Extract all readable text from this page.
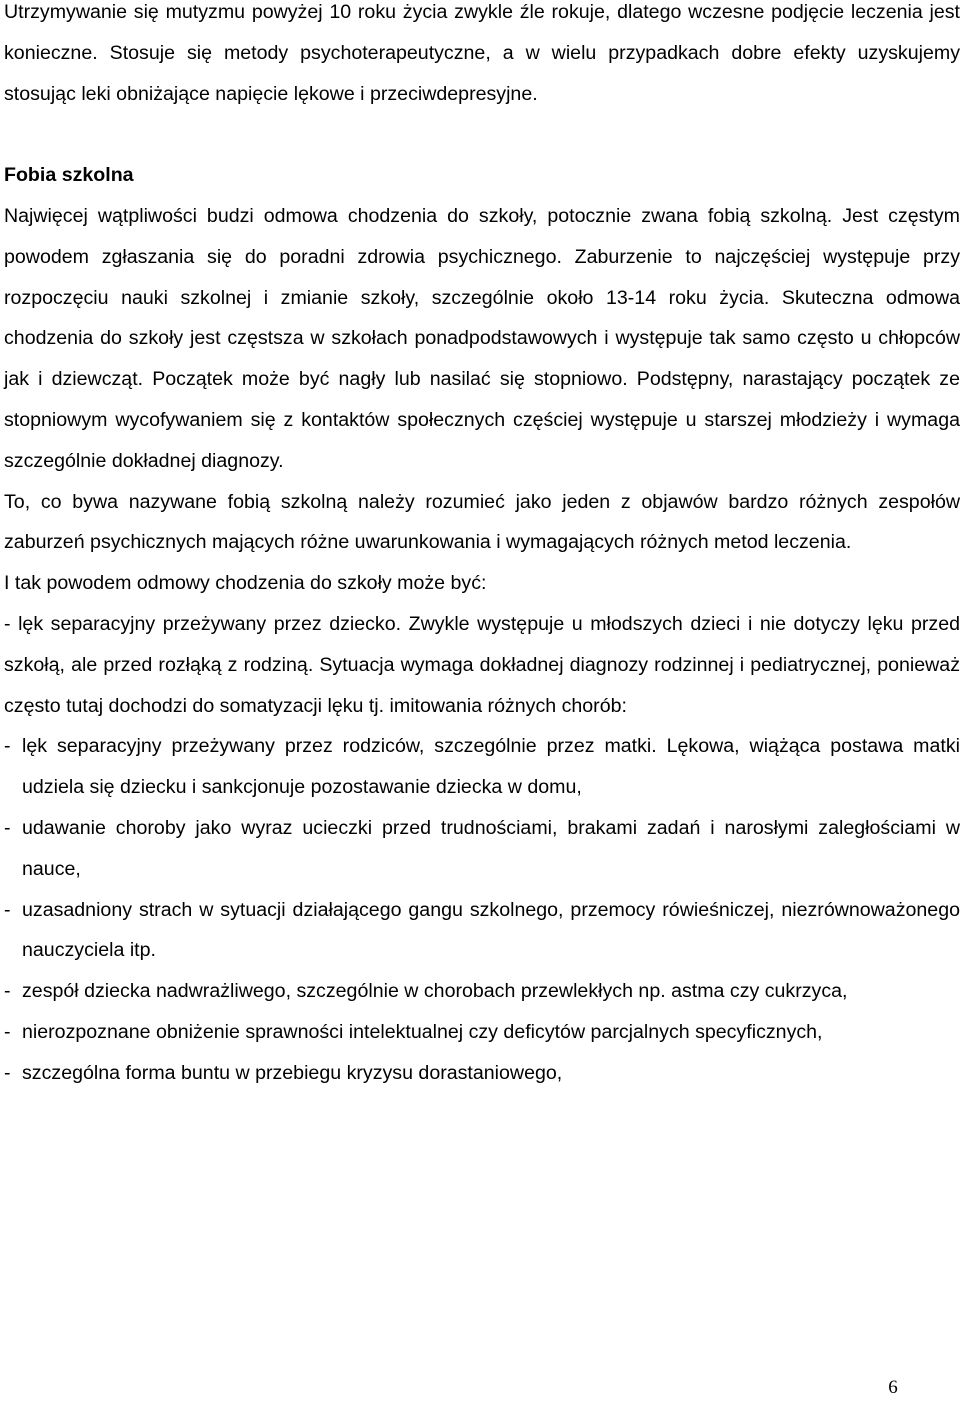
Utrzymywanie się mutyzmu powyżej 10 roku życia zwykle źle rokuje, dlatego wczesne podjęcie leczenia jest konieczne. Stosuje się metody psychoterapeutyczne, a w wielu przypadkach dobre efekty uzyskujemy stosując leki obniżające napięcie lękowe i przeciwdepresyjne.

Fobia szkolna

Najwięcej wątpliwości budzi odmowa chodzenia do szkoły, potocznie zwana fobią szkolną. Jest częstym powodem zgłaszania się do poradni zdrowia psychicznego. Zaburzenie to najczęściej występuje przy rozpoczęciu nauki szkolnej i zmianie szkoły, szczególnie około 13-14 roku życia. Skuteczna odmowa chodzenia do szkoły jest częstsza w szkołach ponadpodstawowych i występuje tak samo często u chłopców jak i dziewcząt. Początek może być nagły lub nasilać się stopniowo. Podstępny, narastający początek ze stopniowym wycofywaniem się z kontaktów społecznych częściej występuje u starszej młodzieży i wymaga szczególnie dokładnej diagnozy.

To, co bywa nazywane fobią szkolną należy rozumieć jako jeden z objawów bardzo różnych zespołów zaburzeń psychicznych mających różne uwarunkowania i wymagających różnych metod leczenia.

I tak powodem odmowy chodzenia do szkoły może być:

- lęk separacyjny przeżywany przez dziecko. Zwykle występuje u młodszych dzieci i nie dotyczy lęku przed szkołą, ale przed rozłąką z rodziną. Sytuacja wymaga dokładnej diagnozy rodzinnej i pediatrycznej, ponieważ często tutaj dochodzi do somatyzacji lęku tj. imitowania różnych chorób:

- lęk separacyjny przeżywany przez rodziców, szczególnie przez matki. Lękowa, wiążąca postawa matki udziela się dziecku i sankcjonuje pozostawanie dziecka w domu,
- udawanie choroby jako wyraz ucieczki przed trudnościami, brakami zadań i narosłymi zaległościami w nauce,
- uzasadniony strach w sytuacji działającego gangu szkolnego, przemocy rówieśniczej, niezrównoważonego nauczyciela itp.
- zespół dziecka nadwrażliwego, szczególnie w chorobach przewlekłych np. astma czy cukrzyca,
- nierozpoznane obniżenie sprawności intelektualnej czy deficytów parcjalnych specyficznych,
- szczególna forma buntu w przebiegu kryzysu dorastaniowego,
6
